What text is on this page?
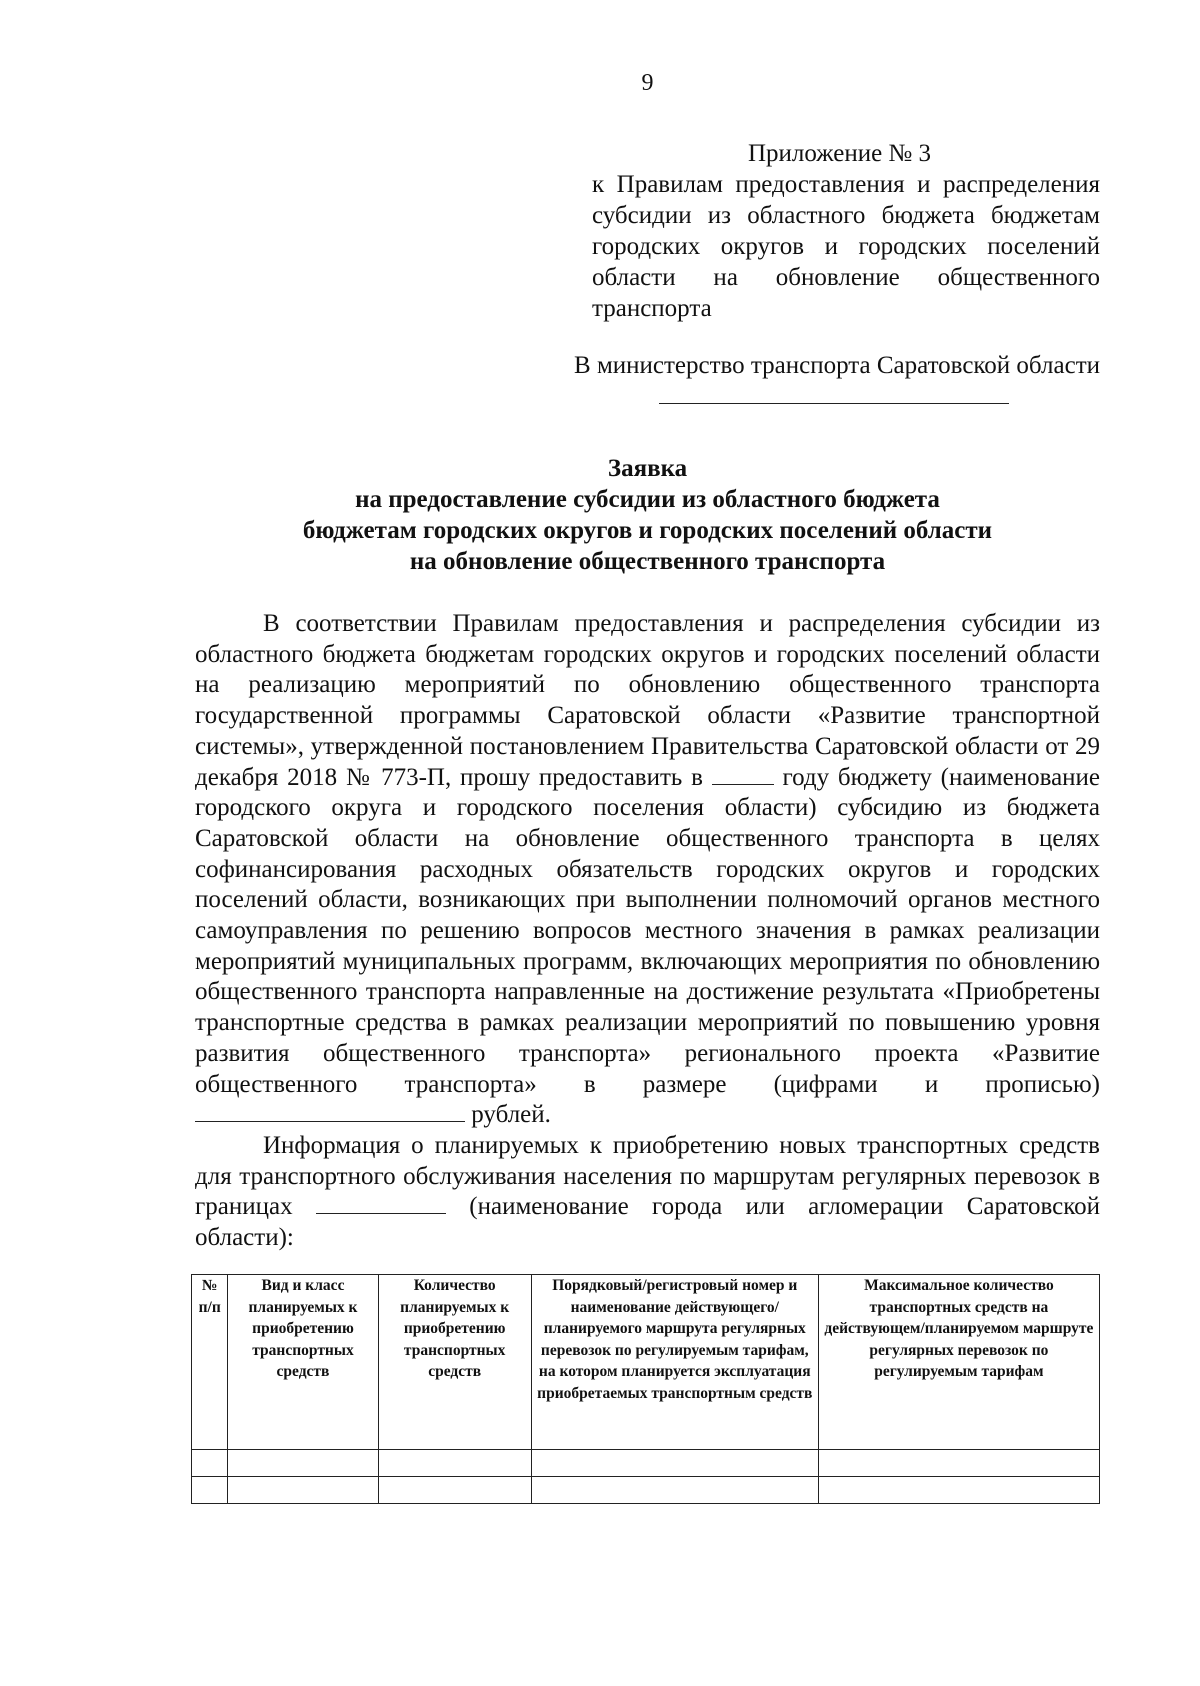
9
Приложение № 3
к Правилам предоставления и распределения субсидии из областного бюджета бюджетам городских округов и городских поселений области на обновление общественного транспорта
В министерство транспорта Саратовской области
Заявка
на предоставление субсидии из областного бюджета
бюджетам городских округов и городских поселений области
на обновление общественного транспорта

В соответствии Правилам предоставления и распределения субсидии из областного бюджета бюджетам городских округов и городских поселений области на реализацию мероприятий по обновлению общественного транспорта государственной программы Саратовской области «Развитие транспортной системы», утвержденной постановлением Правительства Саратовской области от 29 декабря 2018 № 773-П, прошу предоставить в	году бюджету (наименование городского округа и городского поселения области) субсидию из бюджета Саратовской области на обновление общественного транспорта в целях софинансирования расходных обязательств городских округов и городских поселений области, возникающих при выполнении полномочий органов местного самоуправления по решению вопросов местного значения в рамках реализации мероприятий муниципальных программ, включающих мероприятия по обновлению общественного транспорта направленные на достижение результата «Приобретены транспортные средства в рамках реализации мероприятий по повышению уровня развития общественного транспорта» регионального проекта «Развитие общественного транспорта» в размере (цифрами и прописью)  рублей.

Информация о планируемых к приобретению новых транспортных средств для транспортного обслуживания населения по маршрутам регулярных перевозок в границах	(наименование города или агломерации Саратовской области):

№ п/п	Вид и класс планируемых к приобретению транспортных средств	Количество планируемых к приобретению транспортных средств	Порядковый/регистровый номер и наименование действующего/планируемого маршрута регулярных перевозок по регулируемым тарифам, на котором планируется эксплуатация приобретаемых транспортным средств	Максимальное количество транспортных средств на действующем/планируемом маршруте регулярных перевозок по регулируемым тарифам
